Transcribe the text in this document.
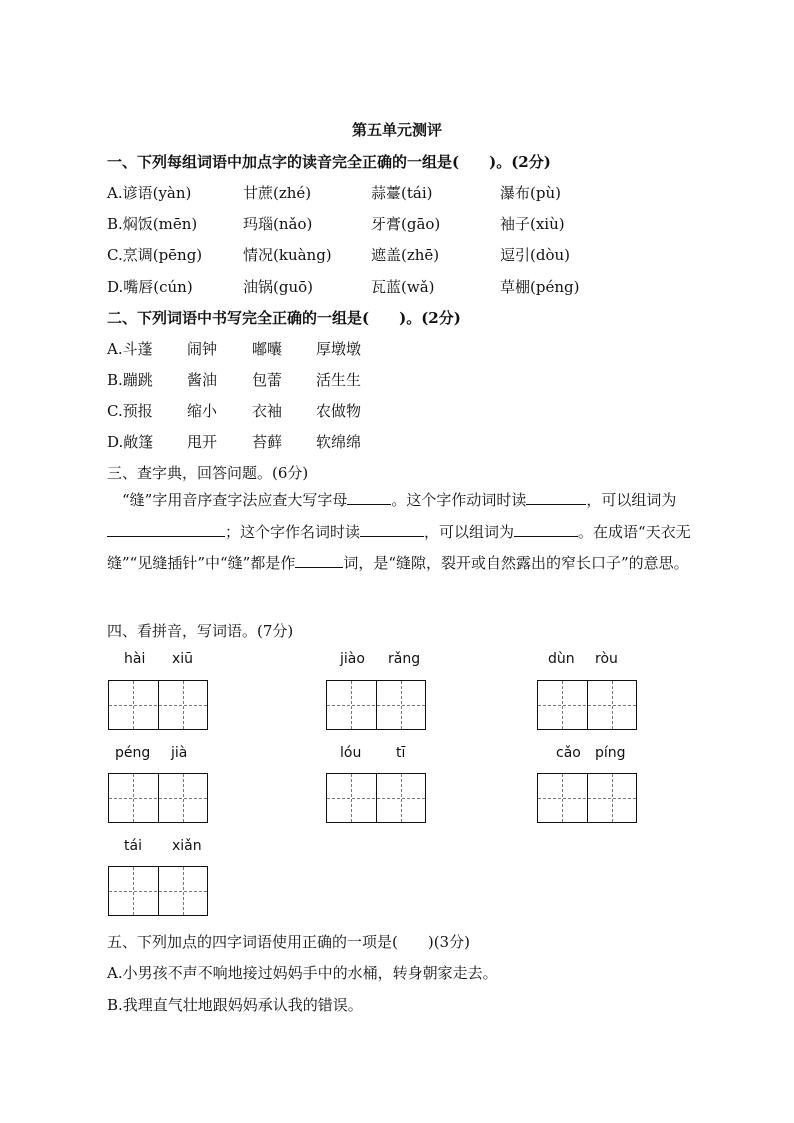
第五单元测评
一、下列每组词语中加点字的读音完全正确的一组是(　　)。(2分)
A.谚语(yàn)	甘蔗(zhé)	蒜薹(tái)	瀑布(pù)
B.焖饭(mēn)	玛瑙(nǎo)	牙膏(gāo)	袖子(xiù)
C.烹调(pēng)	情况(kuàng)	遮盖(zhē)	逗引(dòu)
D.嘴唇(cún)	油锅(guō)	瓦蓝(wǎ)	草棚(péng)
二、下列词语中书写完全正确的一组是(　　)。(2分)
A.斗蓬 闹钟 嘟囔 厚墩墩
B.蹦跳 酱油 包蕾 活生生
C.预报 缩小 衣袖 农做物
D.敞篷 甩开 苔藓 软绵绵
三、查字典，回答问题。(6分)
“缝”字用音序查字法应查大写字母	。这个字作动词时读	，可以组词为；这个字作名词时读	，可以组词为	。在成语“天衣无缝”“见缝插针”中“缝”都是作	词，是“缝隙，裂开或自然露出的窄长口子”的意思。
四、看拼音，写词语。(7分)
hài xiū	jiào rǎng	dùn ròu
péng jià	lóu tī	cǎo píng
tái xiǎn
五、下列加点的四字词语使用正确的一项是(　　)(3分)
A.小男孩不声不响地接过妈妈手中的水桶，转身朝家走去。
B.我理直气壮地跟妈妈承认我的错误。
